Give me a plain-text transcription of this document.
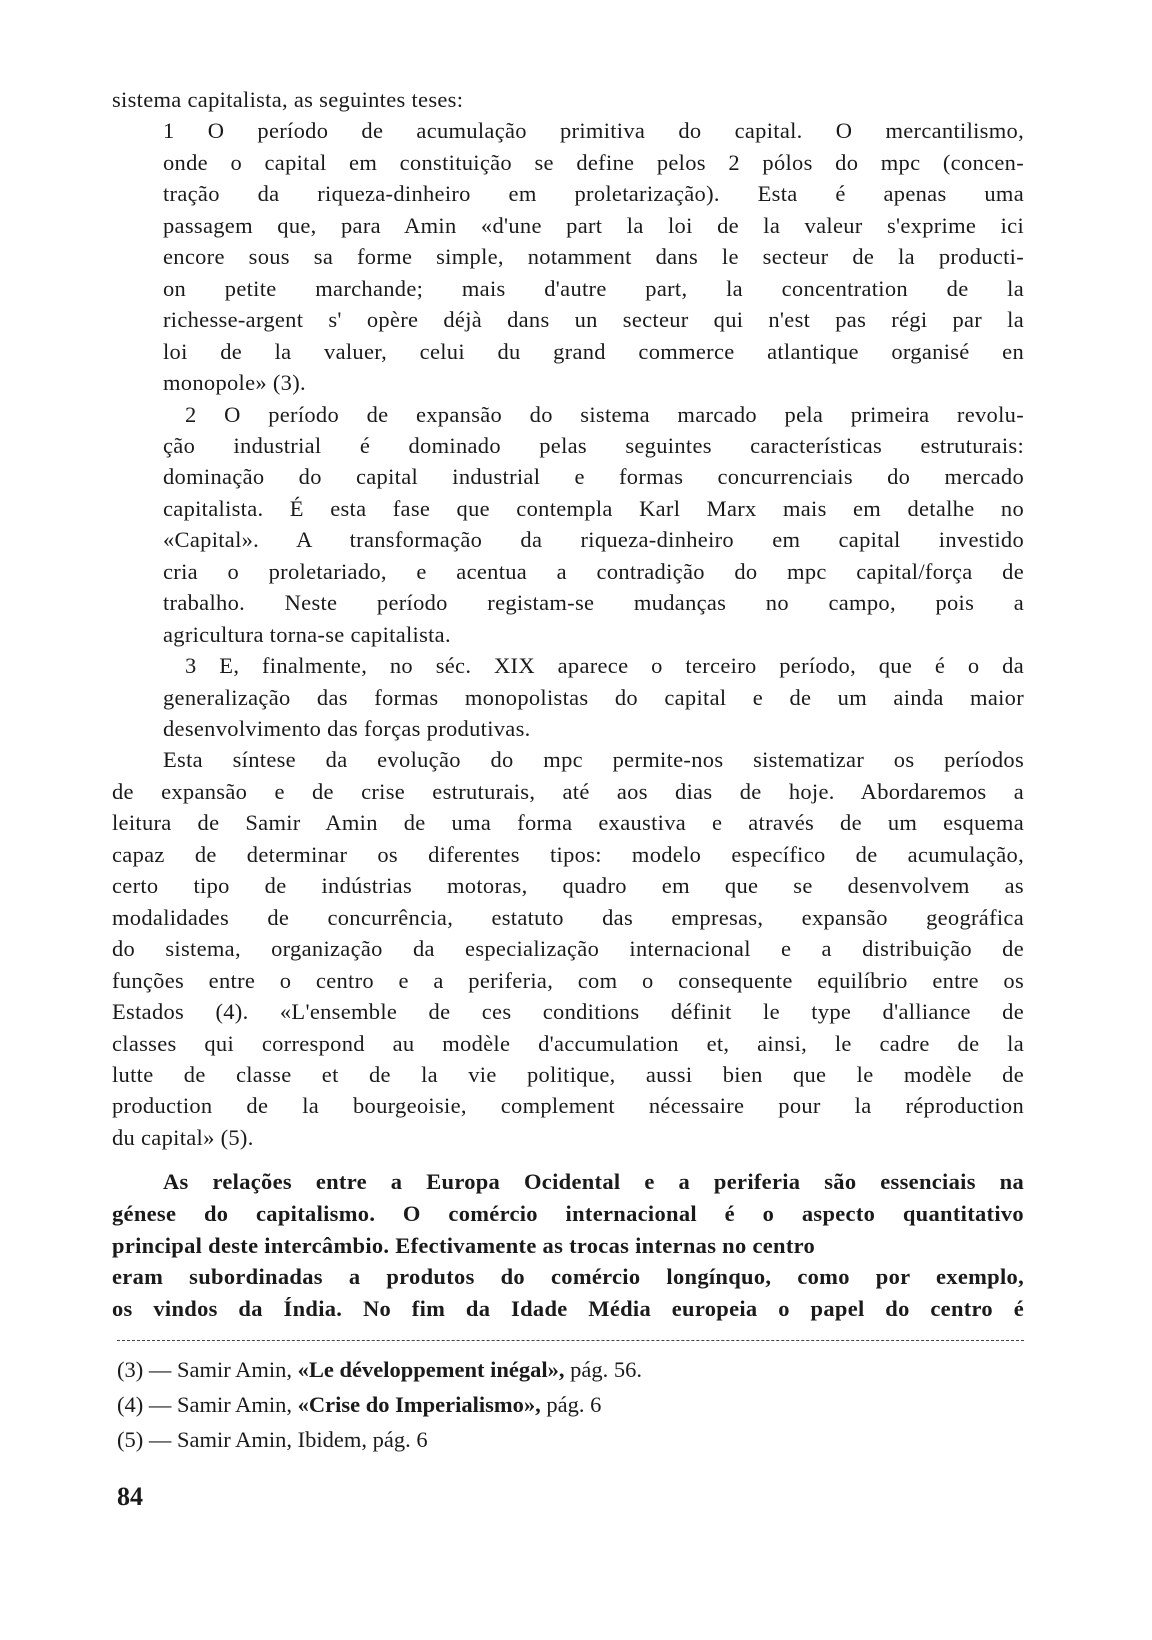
sistema capitalista, as seguintes teses:
1 O período de acumulação primitiva do capital. O mercantilismo,
onde o capital em constituição se define pelos 2 pólos do mpc (concen-
tração da riqueza-dinheiro em proletarização). Esta é apenas uma
passagem que, para Amin «d'une part la loi de la valeur s'exprime ici
encore sous sa forme simple, notamment dans le secteur de la producti-
on petite marchande; mais d'autre part, la concentration de la
richesse-argent s' opère déjà dans un secteur qui n'est pas régi par la
loi de la valuer, celui du grand commerce atlantique organisé en
monopole» (3).
2 O período de expansão do sistema marcado pela primeira revolu-
ção industrial é dominado pelas seguintes características estruturais:
dominação do capital industrial e formas concurrenciais do mercado
capitalista. É esta fase que contempla Karl Marx mais em detalhe no
«Capital». A transformação da riqueza-dinheiro em capital investido
cria o proletariado, e acentua a contradição do mpc capital/força de
trabalho. Neste período registam-se mudanças no campo, pois a
agricultura torna-se capitalista.
3 E, finalmente, no séc. XIX aparece o terceiro período, que é o da
generalização das formas monopolistas do capital e de um ainda maior
desenvolvimento das forças produtivas.
Esta síntese da evolução do mpc permite-nos sistematizar os períodos
de expansão e de crise estruturais, até aos dias de hoje. Abordaremos a
leitura de Samir Amin de uma forma exaustiva e através de um esquema
capaz de determinar os diferentes tipos: modelo específico de acumulação,
certo tipo de indústrias motoras, quadro em que se desenvolvem as
modalidades de concurrência, estatuto das empresas, expansão geográfica
do sistema, organização da especialização internacional e a distribuição de
funções entre o centro e a periferia, com o consequente equilíbrio entre os
Estados (4). «L'ensemble de ces conditions définit le type d'alliance de
classes qui correspond au modèle d'accumulation et, ainsi, le cadre de la
lutte de classe et de la vie politique, aussi bien que le modèle de
production de la bourgeoisie, complement nécessaire pour la réproduction
du capital» (5).
As relações entre a Europa Ocidental e a periferia são essenciais na
génese do capitalismo. O comércio internacional é o aspecto quantitativo
principal deste intercâmbio. Efectivamente as trocas internas no centro
eram subordinadas a produtos do comércio longínquo, como por exemplo,
os vindos da Índia. No fim da Idade Média europeia o papel do centro é
(3) — Samir Amin, «Le développement inégal», pág. 56.
(4) — Samir Amin, «Crise do Imperialismo», pág. 6
(5) — Samir Amin, Ibidem, pág. 6
84
